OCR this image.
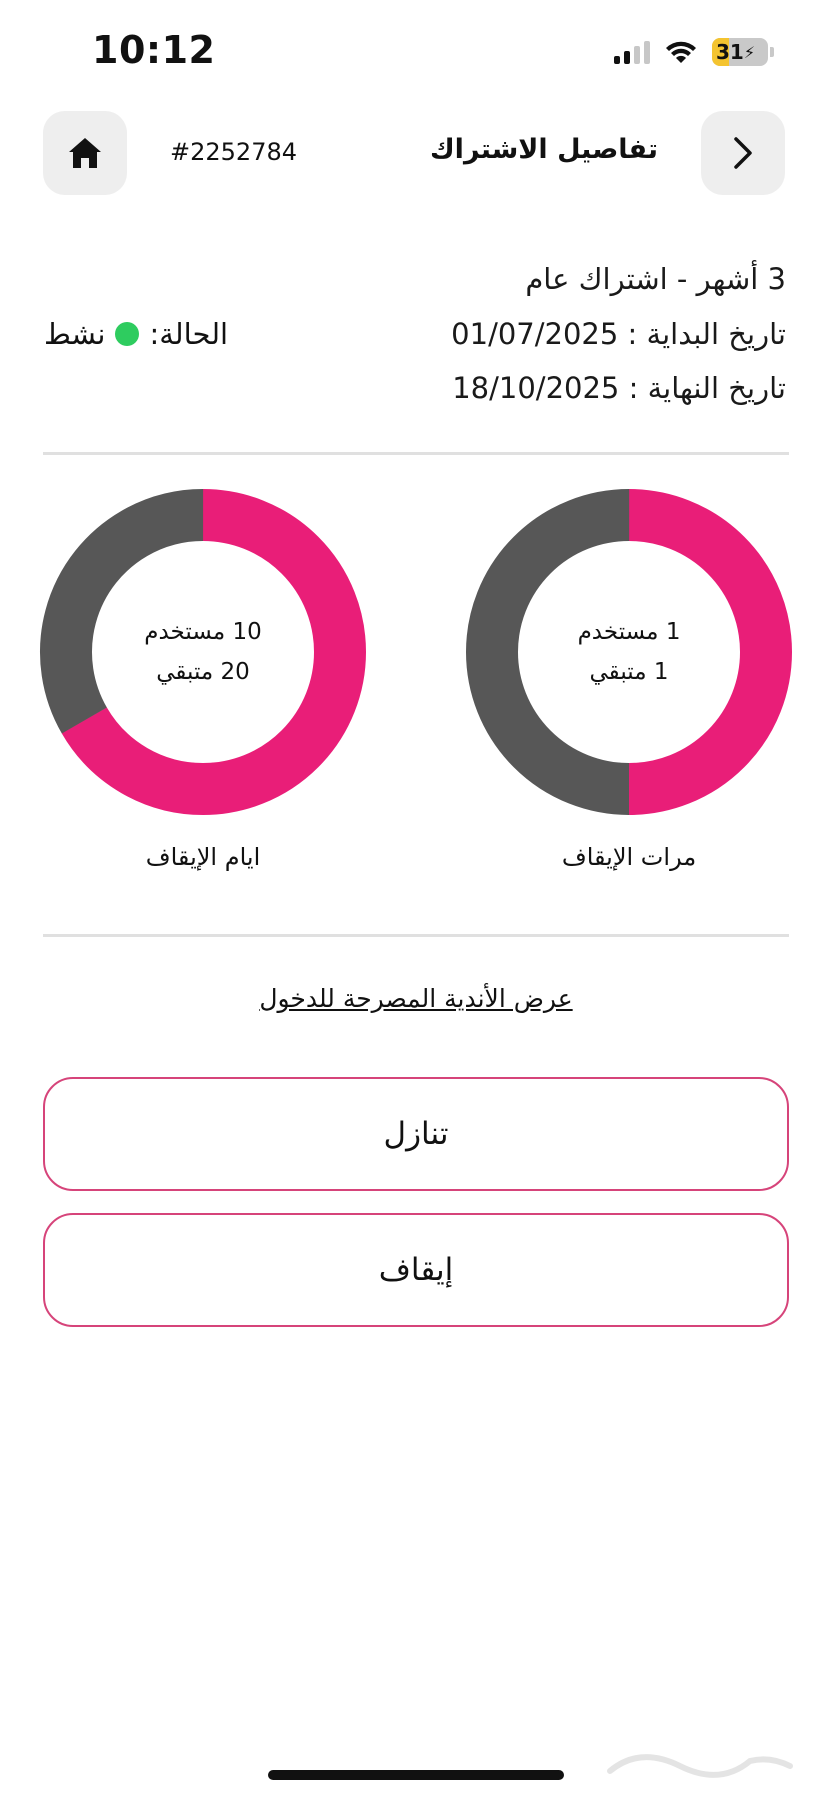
10:12	31 ⚡
#2252784	تفاصيل الاشتراك
3 أشهر - اشتراك عام
تاريخ البداية : 01/07/2025
تاريخ النهاية : 18/10/2025
الحالة:
نشط
1 مستخدم
1 متبقي
مرات الإيقاف
10 مستخدم
20 متبقي
ايام الإيقاف
عرض الأندية المصرحة للدخول
تنازل
إيقاف
